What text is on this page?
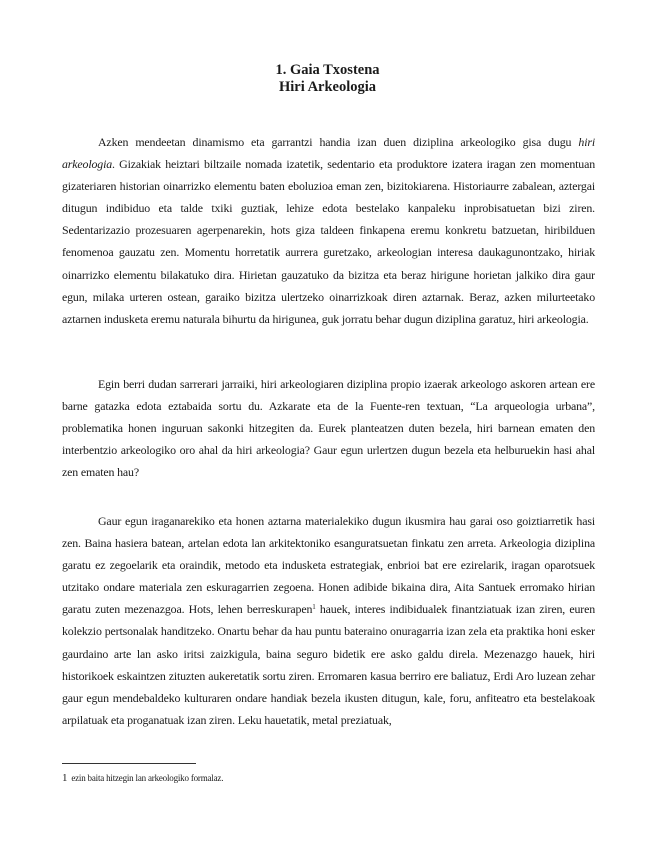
1. Gaia Txostena
Hiri Arkeologia

Azken mendeetan dinamismo eta garrantzi handia izan duen diziplina arkeologiko gisa dugu hiri arkeologia. Gizakiak heiztari biltzaile nomada izatetik, sedentario eta produktore izatera iragan zen momentuan gizateriaren historian oinarrizko elementu baten eboluzioa eman zen, bizitokiarena. Historiaurre zabalean, aztergai ditugun indibiduo eta talde txiki guztiak, lehize edota bestelako kanpaleku inprobisatuetan bizi ziren. Sedentarizazio prozesuaren agerpenarekin, hots giza taldeen finkapena eremu konkretu batzuetan, hiribilduen fenomenoa gauzatu zen. Momentu horretatik aurrera guretzako, arkeologian interesa daukagunontzako, hiriak oinarrizko elementu bilakatuko dira. Hirietan gauzatuko da bizitza eta beraz hirigune horietan jalkiko dira gaur egun, milaka urteren ostean, garaiko bizitza ulertzeko oinarrizkoak diren aztarnak. Beraz, azken milurteetako aztarnen indusketa eremu naturala bihurtu da hirigunea, guk jorratu behar dugun diziplina garatuz, hiri arkeologia.

Egin berri dudan sarrerari jarraiki, hiri arkeologiaren diziplina propio izaerak arkeologo askoren artean ere barne gatazka edota eztabaida sortu du. Azkarate eta de la Fuente-ren textuan, “La arqueologia urbana”, problematika honen inguruan sakonki hitzegiten da. Eurek planteatzen duten bezela, hiri barnean ematen den interbentzio arkeologiko oro ahal da hiri arkeologia? Gaur egun urlertzen dugun bezela eta helburuekin hasi ahal zen ematen hau?

Gaur egun iraganarekiko eta honen aztarna materialekiko dugun ikusmira hau garai oso goiztiarretik hasi zen. Baina hasiera batean, artelan edota lan arkitektoniko esanguratsuetan finkatu zen arreta. Arkeologia diziplina garatu ez zegoelarik eta oraindik, metodo eta indusketa estrategiak, enbrioi bat ere ezirelarik, iragan oparotsuek utzitako ondare materiala zen eskuragarrien zegoena. Honen adibide bikaina dira, Aita Santuek erromako hirian garatu zuten mezenazgoa. Hots, lehen berreskurapen$^1$ hauek, interes indibidualek finantziatuak izan ziren, euren kolekzio pertsonalak handitzeko. Onartu behar da hau puntu bateraino onuragarria izan zela eta praktika honi esker gaurdaino arte lan asko iritsi zaizkigula, baina seguro bidetik ere asko galdu direla. Mezenazgo hauek, hiri historikoek eskaintzen zituzten aukeretatik sortu ziren. Erromaren kasua berriro ere baliatuz, Erdi Aro luzean zehar gaur egun mendebaldeko kulturaren ondare handiak bezela ikusten ditugun, kale, foru, anfiteatro eta bestelakoak arpilatuak eta proganatuak izan ziren. Leku hauetatik, metal preziatuak,

1 ezin baita hitzegin lan arkeologiko formalaz.
